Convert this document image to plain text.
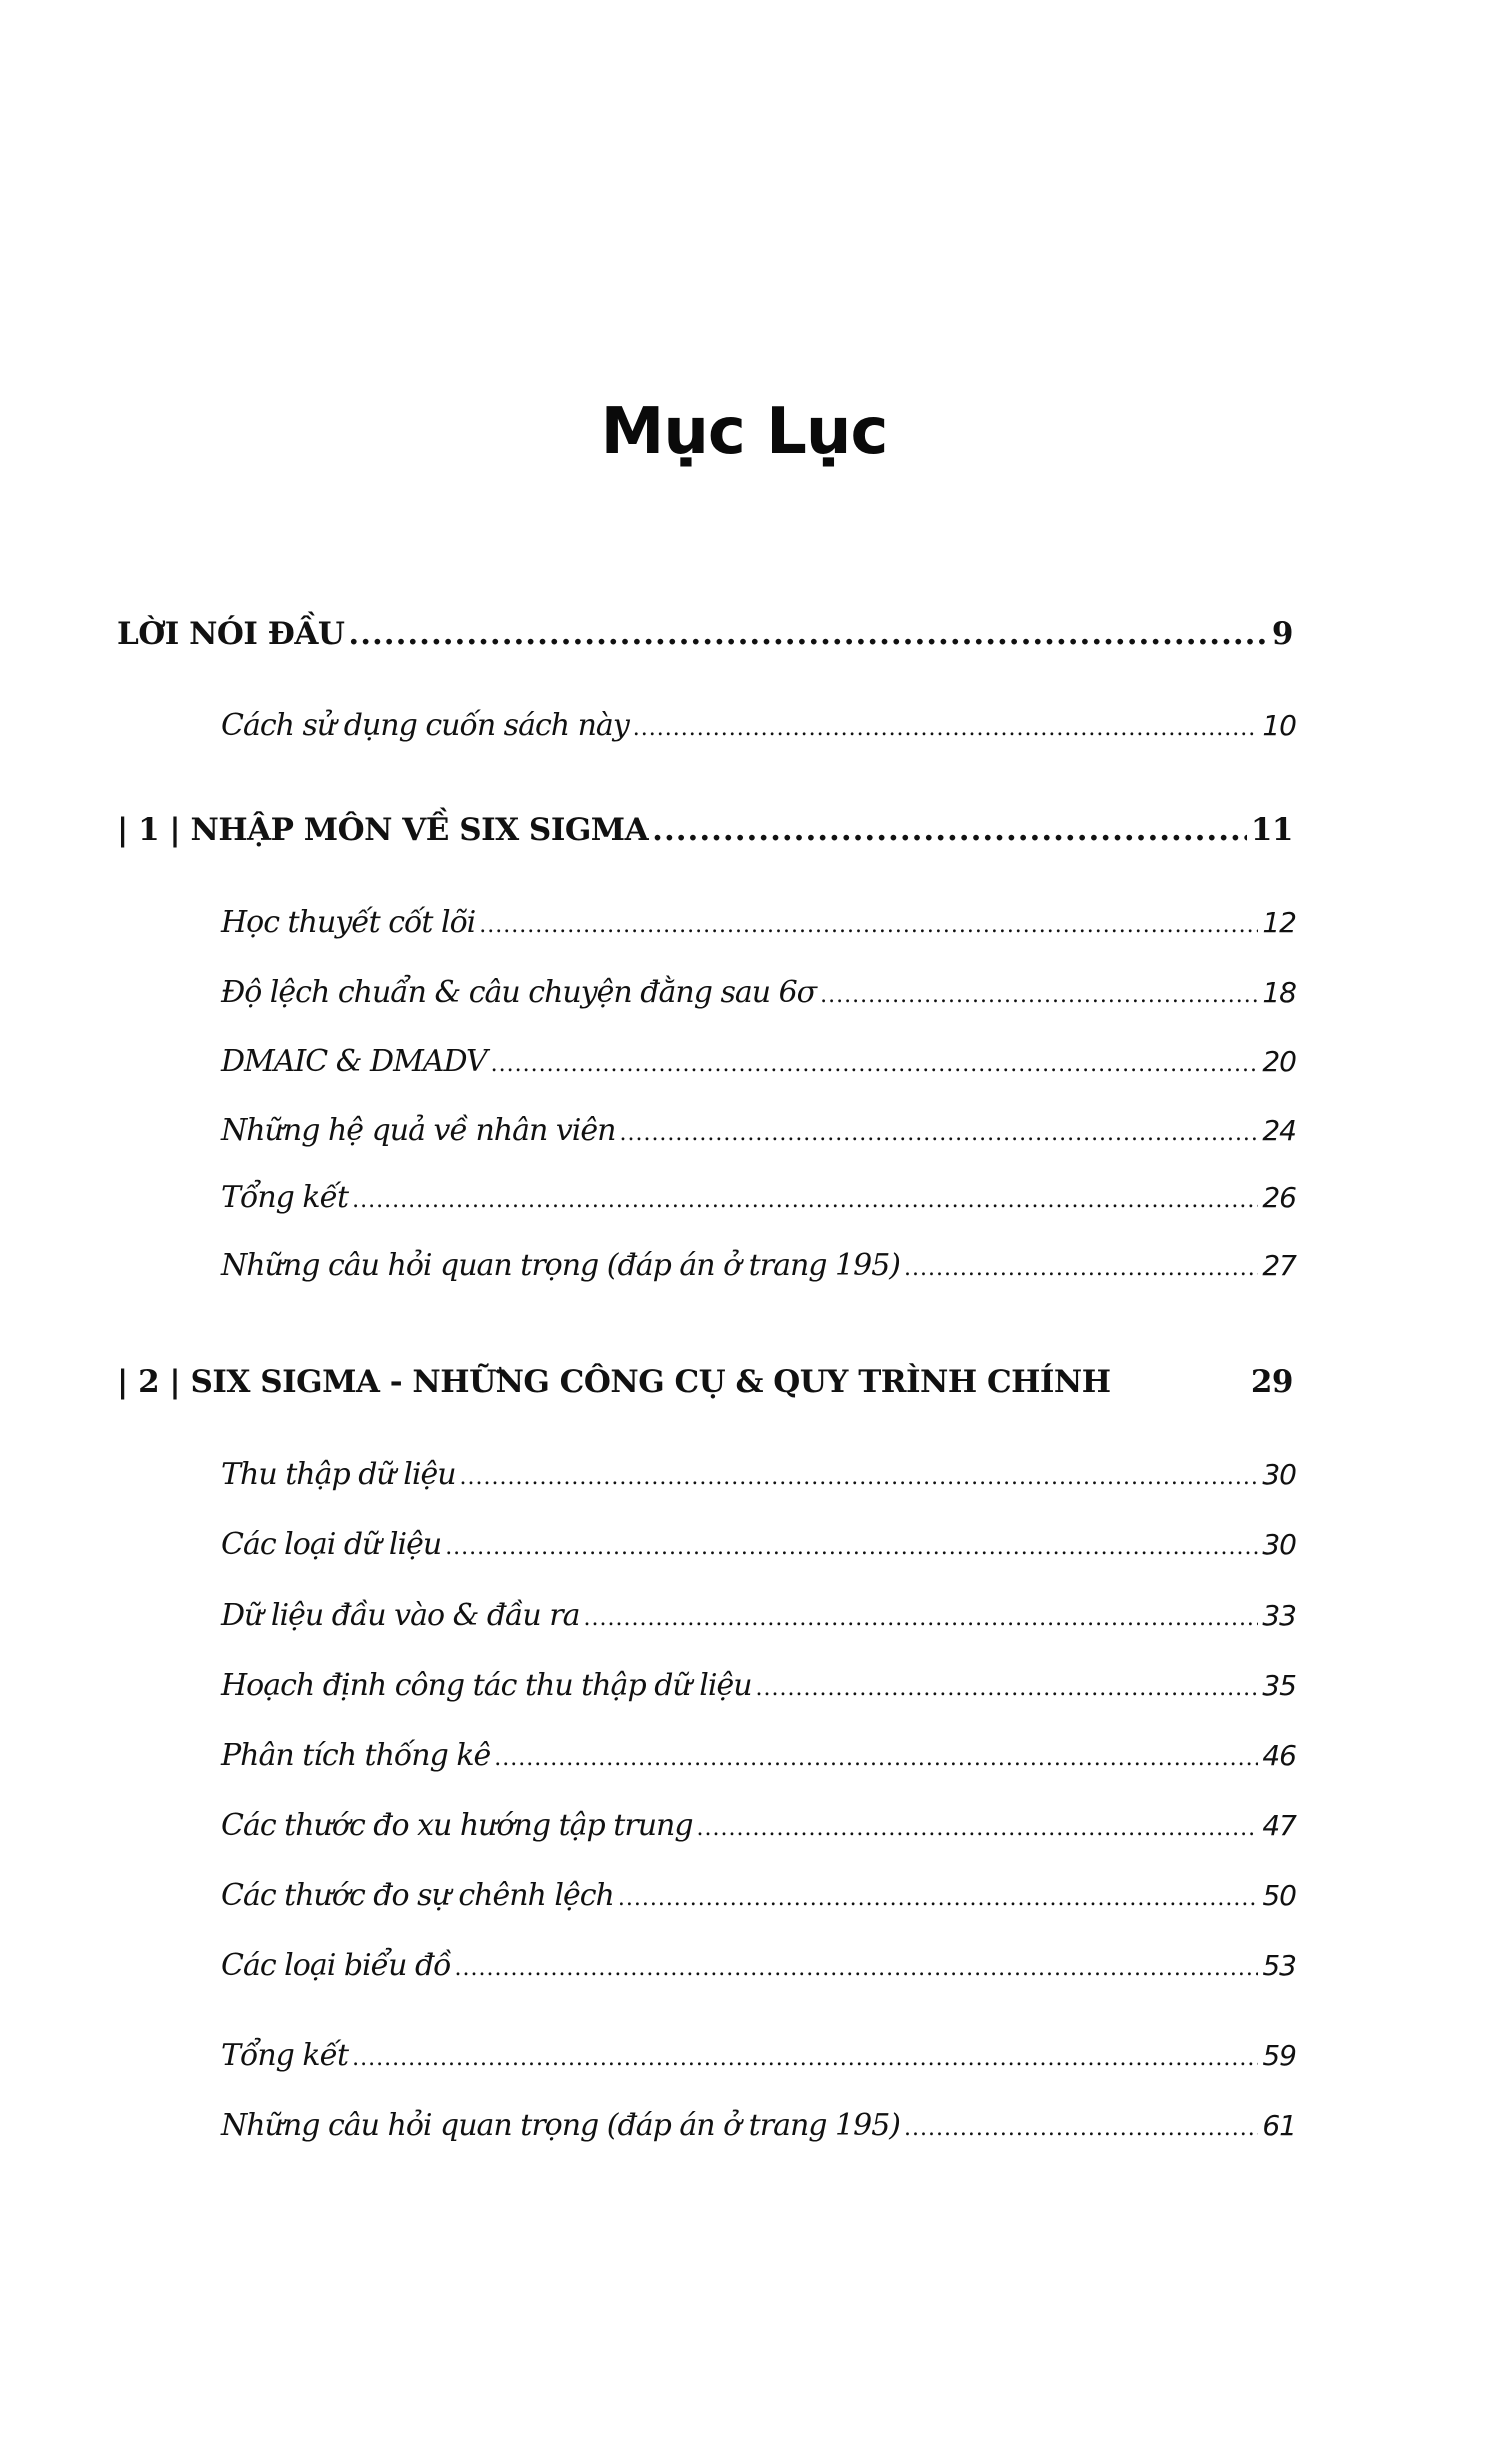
Mục Lục
LỜI NÓI ĐẦU .....	9
Cách sử dụng cuốn sách này .....	10
| 1 | NHẬP MÔN VỀ SIX SIGMA .....	11
Học thuyết cốt lõi .....	12
Độ lệch chuẩn & câu chuyện đằng sau 6σ .....	18
DMAIC & DMADV .....	20
Những hệ quả về nhân viên .....	24
Tổng kết .....	26
Những câu hỏi quan trọng (đáp án ở trang 195) .....	27
| 2 | SIX SIGMA - NHỮNG CÔNG CỤ & QUY TRÌNH CHÍNH	29
Thu thập dữ liệu .....	30
Các loại dữ liệu .....	30
Dữ liệu đầu vào & đầu ra .....	33
Hoạch định công tác thu thập dữ liệu .....	35
Phân tích thống kê .....	46
Các thước đo xu hướng tập trung .....	47
Các thước đo sự chênh lệch .....	50
Các loại biểu đồ .....	53
Tổng kết .....	59
Những câu hỏi quan trọng (đáp án ở trang 195) .....	61
